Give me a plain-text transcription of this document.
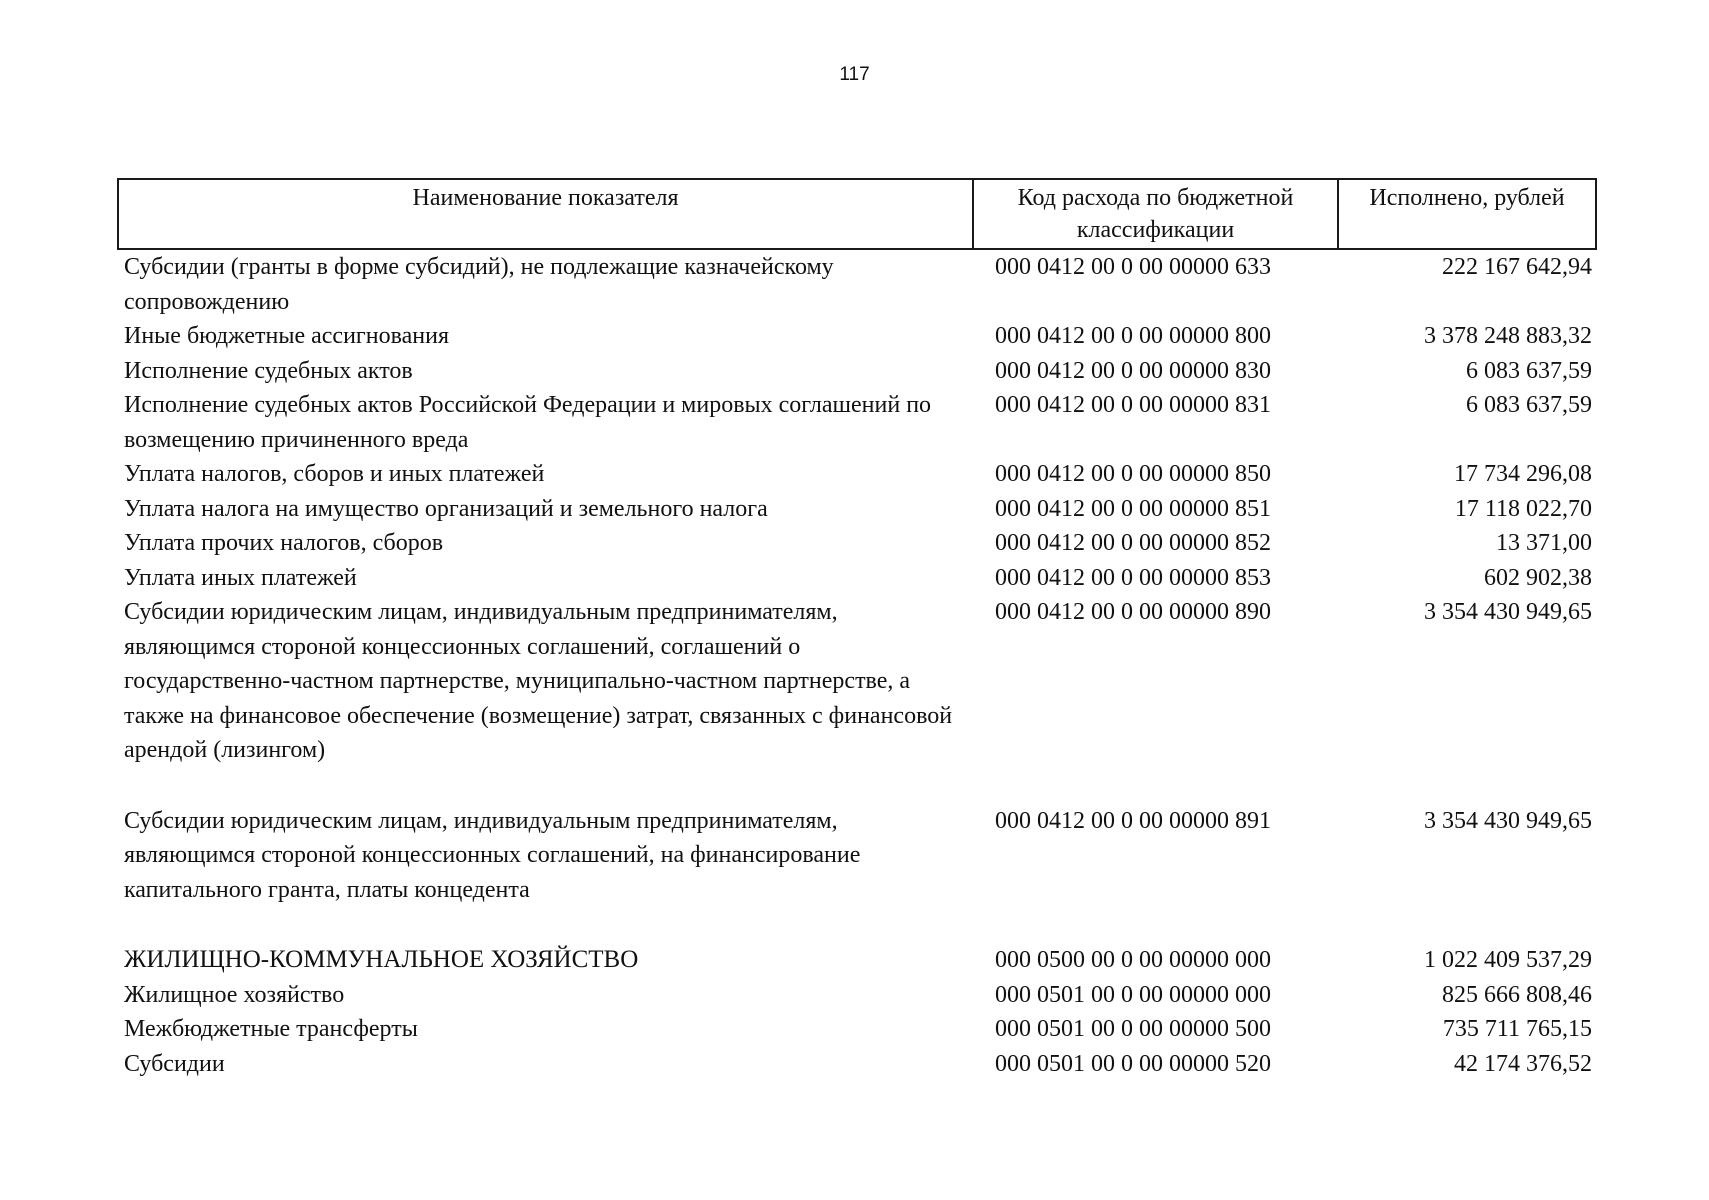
117
Наименование показателя	Код расхода по бюджетной классификации	Исполнено, рублей
Субсидии (гранты в форме субсидий), не подлежащие казначейскому сопровождению	000 0412 00 0 00 00000 633	222 167 642,94
Иные бюджетные ассигнования	000 0412 00 0 00 00000 800	3 378 248 883,32
Исполнение судебных актов	000 0412 00 0 00 00000 830	6 083 637,59
Исполнение судебных актов Российской Федерации и мировых соглашений по возмещению причиненного вреда	000 0412 00 0 00 00000 831	6 083 637,59
Уплата налогов, сборов и иных платежей	000 0412 00 0 00 00000 850	17 734 296,08
Уплата налога на имущество организаций и земельного налога	000 0412 00 0 00 00000 851	17 118 022,70
Уплата прочих налогов, сборов	000 0412 00 0 00 00000 852	13 371,00
Уплата иных платежей	000 0412 00 0 00 00000 853	602 902,38
Субсидии юридическим лицам, индивидуальным предпринимателям, являющимся стороной концессионных соглашений, соглашений о государственно-частном партнерстве, муниципально-частном партнерстве, а также на финансовое обеспечение (возмещение) затрат, связанных с финансовой арендой (лизингом)	000 0412 00 0 00 00000 890	3 354 430 949,65
Субсидии юридическим лицам, индивидуальным предпринимателям, являющимся стороной концессионных соглашений, на финансирование капитального гранта, платы концедента	000 0412 00 0 00 00000 891	3 354 430 949,65
ЖИЛИЩНО-КОММУНАЛЬНОЕ ХОЗЯЙСТВО	000 0500 00 0 00 00000 000	1 022 409 537,29
Жилищное хозяйство	000 0501 00 0 00 00000 000	825 666 808,46
Межбюджетные трансферты	000 0501 00 0 00 00000 500	735 711 765,15
Субсидии	000 0501 00 0 00 00000 520	42 174 376,52
